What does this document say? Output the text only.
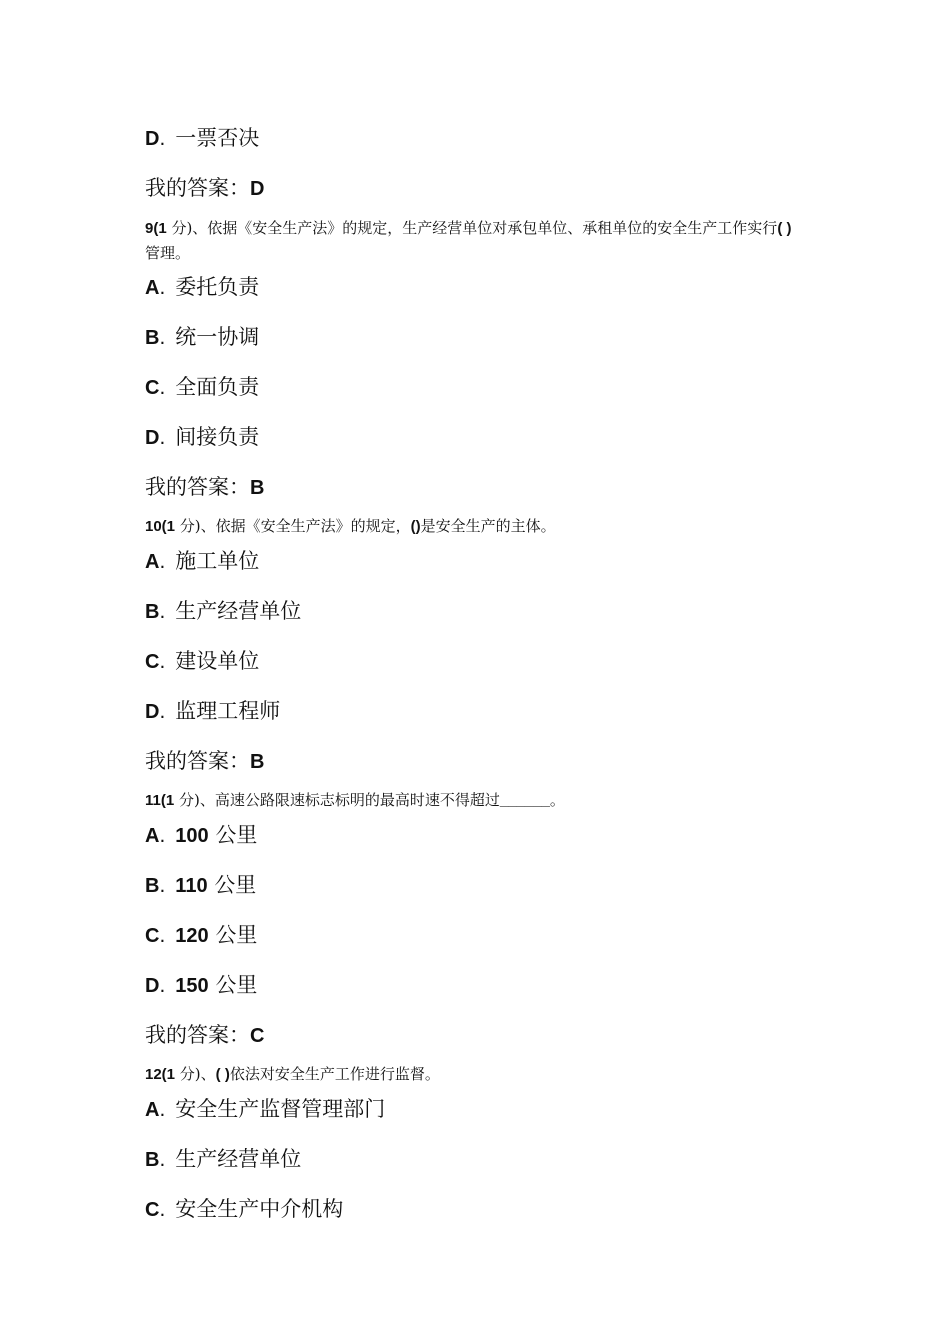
D. 一票否决
我的答案：D
9(1 分)、依据《安全生产法》的规定，生产经营单位对承包单位、承租单位的安全生产工作实行( )管理。
A. 委托负责
B. 统一协调
C. 全面负责
D. 间接负责
我的答案：B
10(1 分)、依据《安全生产法》的规定，()是安全生产的主体。
A. 施工单位
B. 生产经营单位
C. 建设单位
D. 监理工程师
我的答案：B
11(1 分)、高速公路限速标志标明的最高时速不得超过______。
A. 100 公里
B. 110 公里
C. 120 公里
D. 150 公里
我的答案：C
12(1 分)、( )依法对安全生产工作进行监督。
A. 安全生产监督管理部门
B. 生产经营单位
C. 安全生产中介机构
